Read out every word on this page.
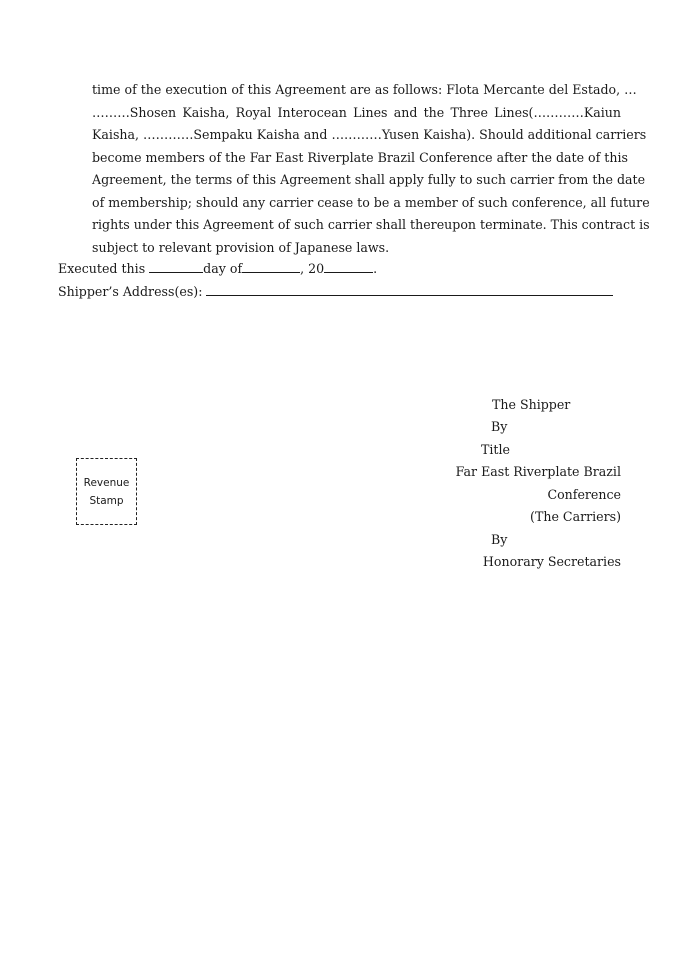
time of the execution of this Agreement are as follows: Flota Mercante del Estado, …
………Shosen Kaisha, Royal Interocean Lines and the Three Lines(…………Kaiun
Kaisha, …………Sempaku Kaisha and …………Yusen Kaisha). Should additional carriers
become members of the Far East Riverplate Brazil Conference after the date of this
Agreement, the terms of this Agreement shall apply fully to such carrier from the date
of membership; should any carrier cease to be a member of such conference, all future
rights under this Agreement of such carrier shall thereupon terminate. This contract is
subject to relevant provision of Japanese laws.
Executed this	day of	, 20	.
Shipper’s Address(es):
Revenue
Stamp
The Shipper
By
Title
Far East Riverplate Brazil
Conference
(The Carriers)
By
Honorary Secretaries
